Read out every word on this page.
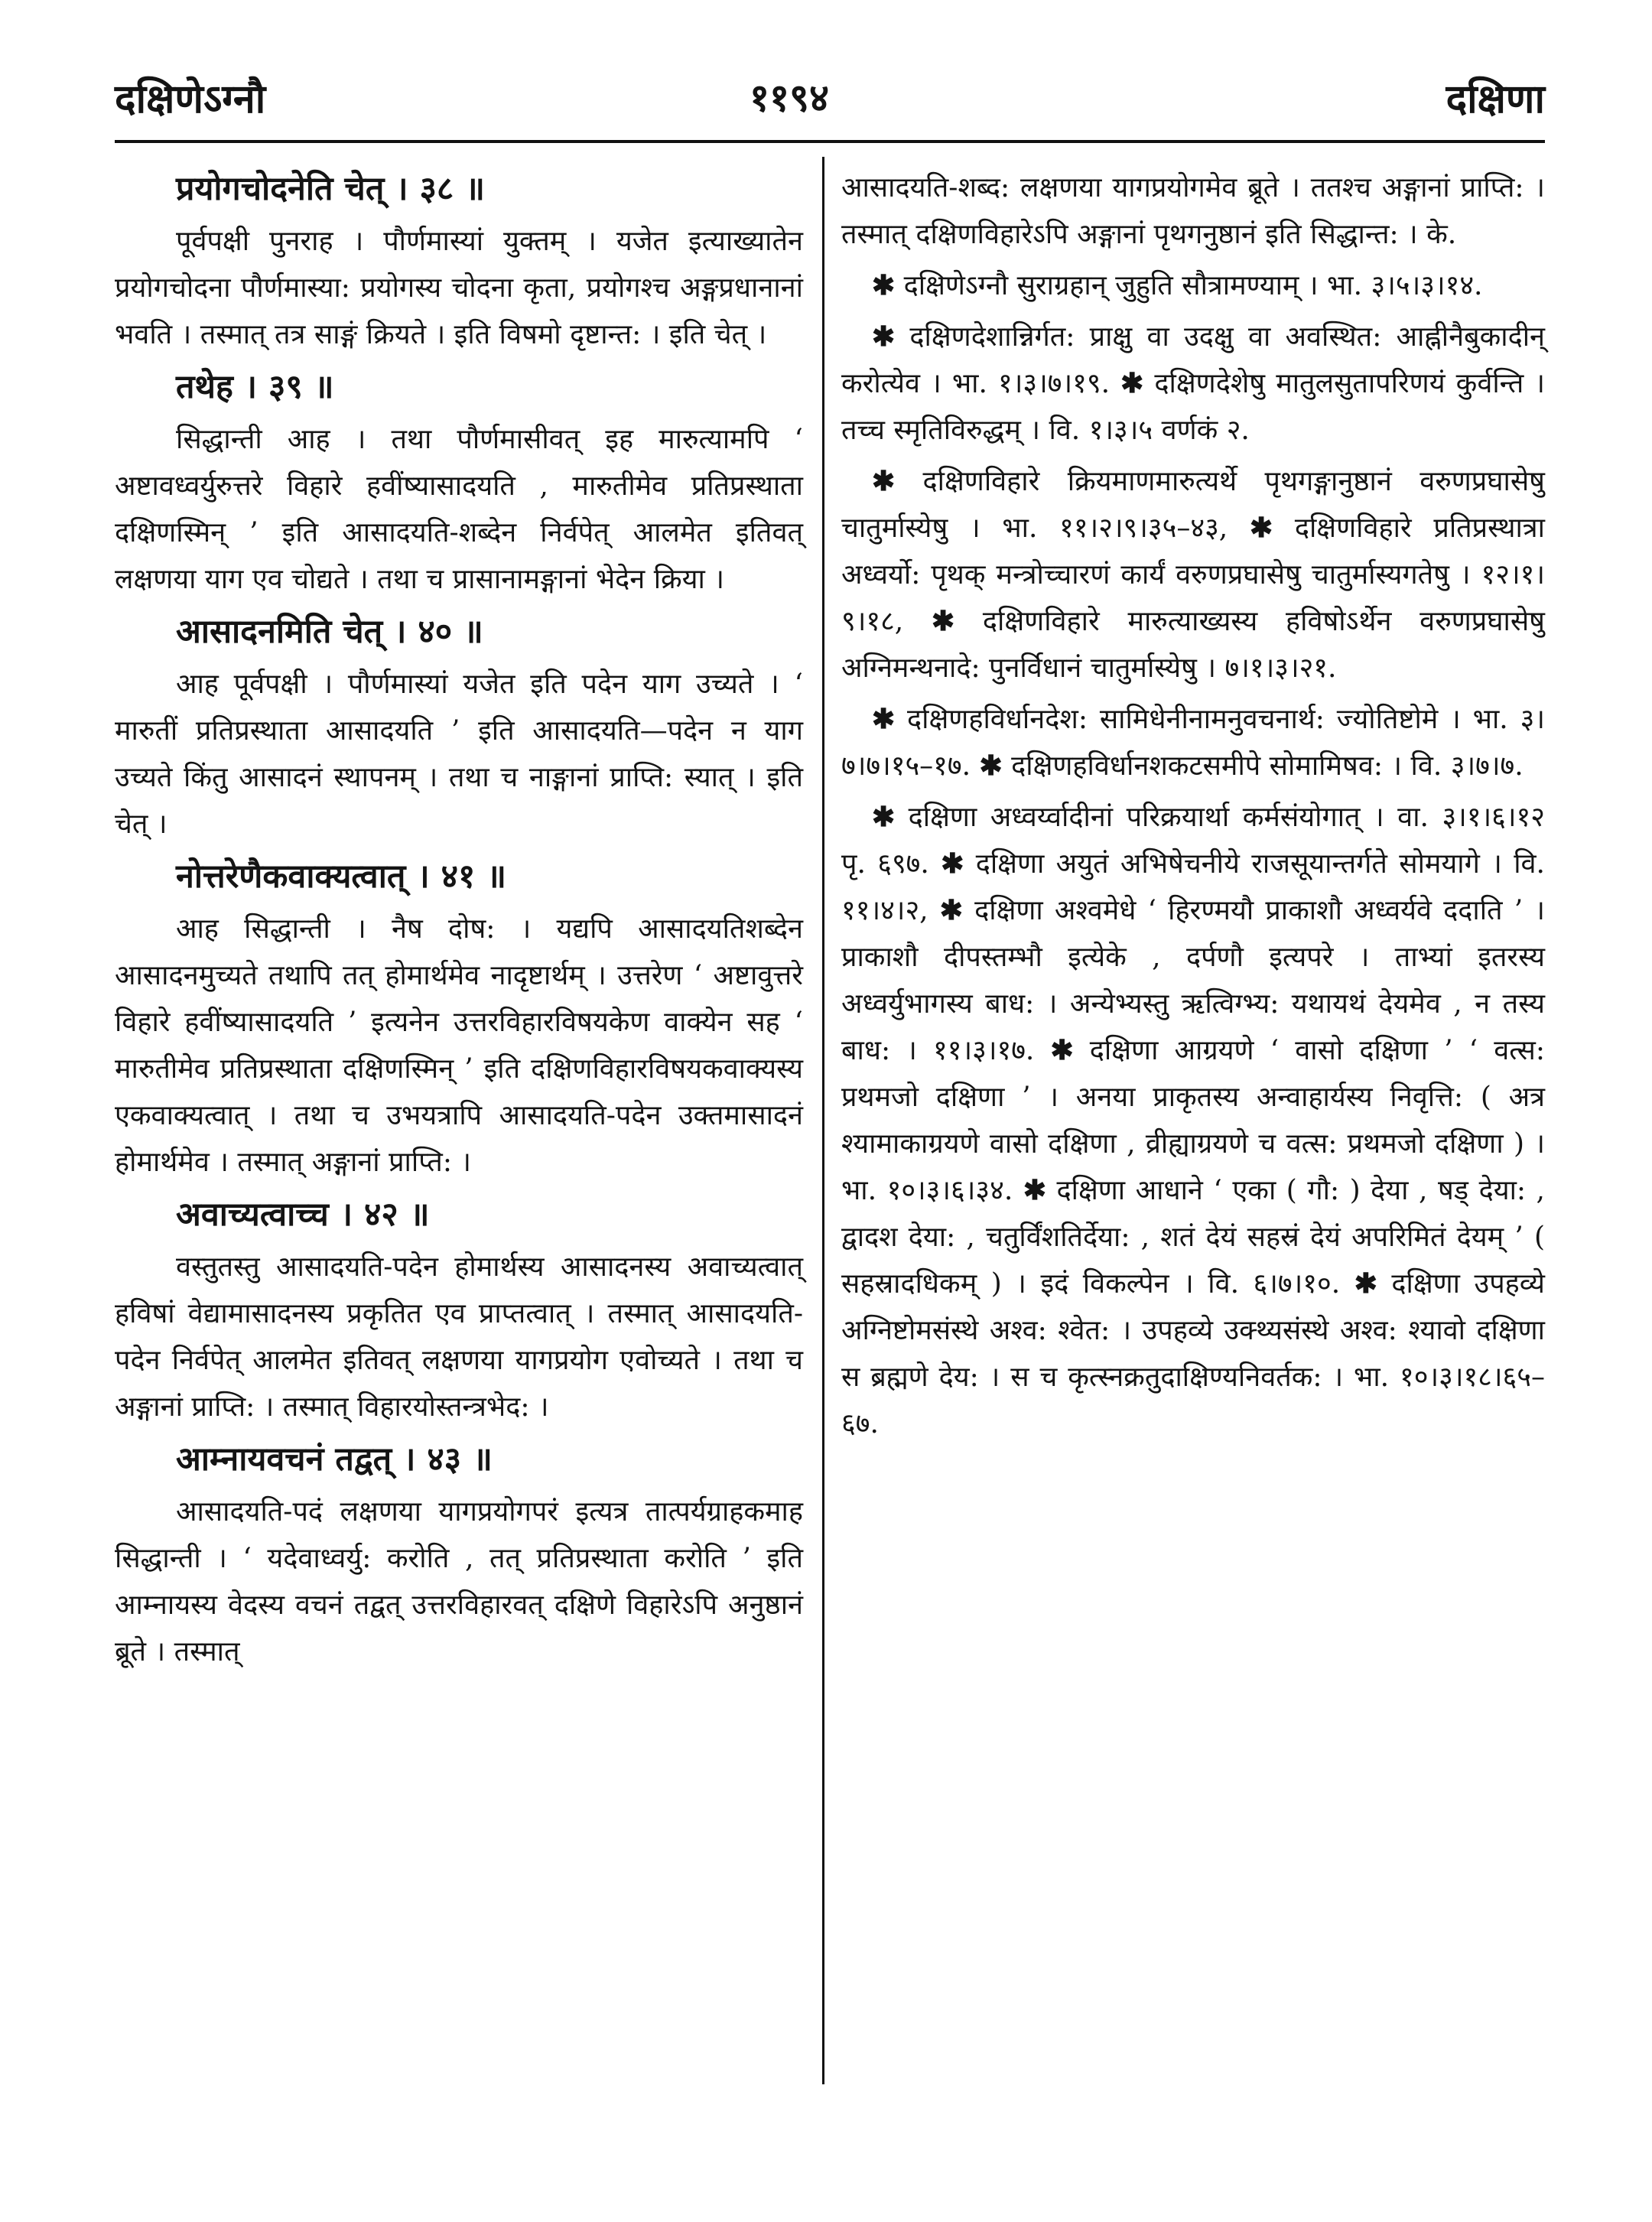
दक्षिणेऽग्नौ	११९४	दक्षिणा

प्रयोगचोदनेति चेत् । ३८ ॥

पूर्वपक्षी पुनराह । पौर्णमास्यां युक्तम् । यजेत इत्याख्यातेन प्रयोगचोदना पौर्णमास्या: प्रयोगस्य चोदना कृता, प्रयोगश्च अङ्गप्रधानानां भवति । तस्मात् तत्र साङ्गं क्रियते । इति विषमो दृष्टान्त: । इति चेत् ।

तथेह । ३९ ॥

सिद्धान्ती आह । तथा पौर्णमासीवत् इह मारुत्यामपि ‘ अष्टावध्वर्युरुत्तरे विहारे हवींष्यासादयति , मारुतीमेव प्रतिप्रस्थाता दक्षिणस्मिन् ’ इति आसादयति-शब्देन निर्वपेत् आलमेत इतिवत् लक्षणया याग एव चोद्यते । तथा च प्रासानामङ्गानां भेदेन क्रिया ।

आसादनमिति चेत् । ४० ॥

आह पूर्वपक्षी । पौर्णमास्यां यजेत इति पदेन याग उच्यते । ‘ मारुतीं प्रतिप्रस्थाता आसादयति ’ इति आसादयति—पदेन न याग उच्यते किंतु आसादनं स्थापनम् । तथा च नाङ्गानां प्राप्ति: स्यात् । इति चेत् ।

नोत्तरेणैकवाक्यत्वात् । ४१ ॥

आह सिद्धान्ती । नैष दोष: । यद्यपि आसादयतिशब्देन आसादनमुच्यते तथापि तत् होमार्थमेव नादृष्टार्थम् । उत्तरेण ‘ अष्टावुत्तरे विहारे हवींष्यासादयति ’ इत्यनेन उत्तरविहारविषयकेण वाक्येन सह ‘ मारुतीमेव प्रतिप्रस्थाता दक्षिणस्मिन् ’ इति दक्षिणविहारविषयकवाक्यस्य एकवाक्यत्वात् । तथा च उभयत्रापि आसादयति-पदेन उक्तमासादनं होमार्थमेव । तस्मात् अङ्गानां प्राप्ति: ।

अवाच्यत्वाच्च । ४२ ॥

वस्तुतस्तु आसादयति-पदेन होमार्थस्य आसादनस्य अवाच्यत्वात् हविषां वेद्यामासादनस्य प्रकृतित एव प्राप्तत्वात् । तस्मात् आसादयति-पदेन निर्वपेत् आलमेत इतिवत् लक्षणया यागप्रयोग एवोच्यते । तथा च अङ्गानां प्राप्ति: । तस्मात् विहारयोस्तन्त्रभेद: ।

आम्नायवचनं तद्वत् । ४३ ॥

आसादयति-पदं लक्षणया यागप्रयोगपरं इत्यत्र तात्पर्यग्राहकमाह सिद्धान्ती । ‘ यदेवाध्वर्यु: करोति , तत् प्रतिप्रस्थाता करोति ’ इति आम्नायस्य वेदस्य वचनं तद्वत् उत्तरविहारवत् दक्षिणे विहारेऽपि अनुष्ठानं ब्रूते । तस्मात्

आसादयति-शब्द: लक्षणया यागप्रयोगमेव ब्रूते । ततश्च अङ्गानां प्राप्ति: । तस्मात् दक्षिणविहारेऽपि अङ्गानां पृथगनुष्ठानं इति सिद्धान्त: । के.

✱ दक्षिणेऽग्नौ सुराग्रहान् जुहुति सौत्रामण्याम् । भा. ३।५।३।१४.

✱ दक्षिणदेशान्निर्गत: प्राक्षु वा उदक्षु वा अवस्थित: आह्नीनैबुकादीन् करोत्येव । भा. १।३।७।१९. ✱ दक्षिणदेशेषु मातुलसुतापरिणयं कुर्वन्ति । तच्च स्मृतिविरुद्धम् । वि. १।३।५ वर्णकं २.

✱ दक्षिणविहारे क्रियमाणमारुत्यर्थे पृथगङ्गानुष्ठानं वरुणप्रघासेषु चातुर्मास्येषु । भा. ११।२।९।३५–४३, ✱ दक्षिणविहारे प्रतिप्रस्थात्रा अध्वर्यो: पृथक् मन्त्रोच्चारणं कार्यं वरुणप्रघासेषु चातुर्मास्यगतेषु । १२।१।९।१८, ✱ दक्षिणविहारे मारुत्याख्यस्य हविषोऽर्थेन वरुणप्रघासेषु अग्निमन्थनादे: पुनर्विधानं चातुर्मास्येषु । ७।१।३।२१.

✱ दक्षिणहविर्धानदेश: सामिधेनीनामनुवचनार्थ: ज्योतिष्टोमे । भा. ३।७।७।१५–१७. ✱ दक्षिणहविर्धानशकटसमीपे सोमामिषव: । वि. ३।७।७.

✱ दक्षिणा अध्वर्य्वादीनां परिक्रयार्था कर्मसंयोगात् । वा. ३।१।६।१२ पृ. ६९७. ✱ दक्षिणा अयुतं अभिषेचनीये राजसूयान्तर्गते सोमयागे । वि. ११।४।२, ✱ दक्षिणा अश्वमेधे ‘ हिरण्मयौ प्राकाशौ अध्वर्यवे ददाति ’ । प्राकाशौ दीपस्तम्भौ इत्येके , दर्पणौ इत्यपरे । ताभ्यां इतरस्य अध्वर्युभागस्य बाध: । अन्येभ्यस्तु ऋत्विग्भ्य: यथायथं देयमेव , न तस्य बाध: । ११।३।१७. ✱ दक्षिणा आग्रयणे ‘ वासो दक्षिणा ’ ‘ वत्स: प्रथमजो दक्षिणा ’ । अनया प्राकृतस्य अन्वाहार्यस्य निवृत्ति: ( अत्र श्यामाकाग्रयणे वासो दक्षिणा , व्रीह्याग्रयणे च वत्स: प्रथमजो दक्षिणा ) । भा. १०।३।६।३४. ✱ दक्षिणा आधाने ‘ एका ( गौ: ) देया , षड् देया: , द्वादश देया: , चतुर्विंशतिर्देया: , शतं देयं सहस्रं देयं अपरिमितं देयम् ’ ( सहस्रादधिकम् ) । इदं विकल्पेन । वि. ६।७।१०. ✱ दक्षिणा उपहव्ये अग्निष्टोमसंस्थे अश्व: श्वेत: । उपहव्ये उक्थ्यसंस्थे अश्व: श्यावो दक्षिणा स ब्रह्मणे देय: । स च कृत्स्नक्रतुदाक्षिण्यनिवर्तक: । भा. १०।३।१८।६५–६७.
